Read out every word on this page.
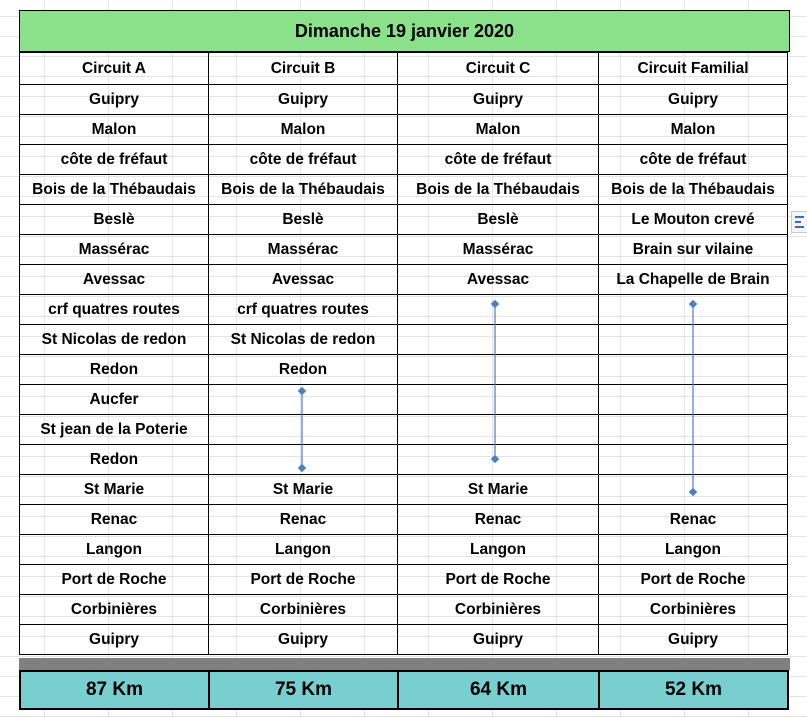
Dimanche 19 janvier 2020
Circuit A	Circuit B	Circuit C	Circuit Familial
Guipry	Guipry	Guipry	Guipry
Malon	Malon	Malon	Malon
côte de fréfaut	côte de fréfaut	côte de fréfaut	côte de fréfaut
Bois de la Thébaudais	Bois de la Thébaudais	Bois de la Thébaudais	Bois de la Thébaudais
Beslè	Beslè	Beslè	Le Mouton crevé
Massérac	Massérac	Massérac	Brain sur vilaine
Avessac	Avessac	Avessac	La Chapelle de Brain
crf quatres routes	crf quatres routes		
St Nicolas de redon	St Nicolas de redon		
Redon	Redon		
Aucfer			
St jean de la Poterie			
Redon			
St Marie	St Marie	St Marie	
Renac	Renac	Renac	Renac
Langon	Langon	Langon	Langon
Port de Roche	Port de Roche	Port de Roche	Port de Roche
Corbinières	Corbinières	Corbinières	Corbinières
Guipry	Guipry	Guipry	Guipry
87 Km	75 Km	64 Km	52 Km
